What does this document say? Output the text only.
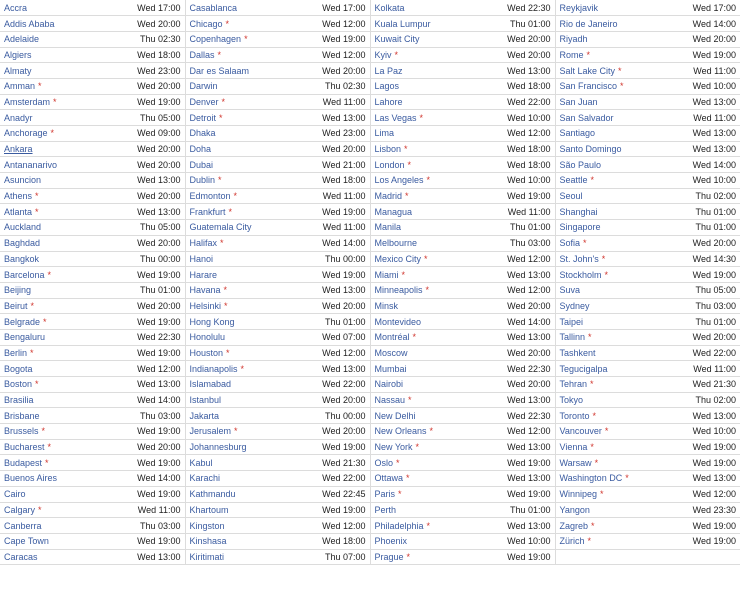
Accra	Wed 17:00	Casablanca	Wed 17:00	Kolkata	Wed 22:30	Reykjavik	Wed 17:00
Addis Ababa	Wed 20:00	Chicago *	Wed 12:00	Kuala Lumpur	Thu 01:00	Rio de Janeiro	Wed 14:00
Adelaide	Thu 02:30	Copenhagen *	Wed 19:00	Kuwait City	Wed 20:00	Riyadh	Wed 20:00
Algiers	Wed 18:00	Dallas *	Wed 12:00	Kyiv *	Wed 20:00	Rome *	Wed 19:00
Almaty	Wed 23:00	Dar es Salaam	Wed 20:00	La Paz	Wed 13:00	Salt Lake City *	Wed 11:00
Amman *	Wed 20:00	Darwin	Thu 02:30	Lagos	Wed 18:00	San Francisco *	Wed 10:00
Amsterdam *	Wed 19:00	Denver *	Wed 11:00	Lahore	Wed 22:00	San Juan	Wed 13:00
Anadyr	Thu 05:00	Detroit *	Wed 13:00	Las Vegas *	Wed 10:00	San Salvador	Wed 11:00
Anchorage *	Wed 09:00	Dhaka	Wed 23:00	Lima	Wed 12:00	Santiago	Wed 13:00
Ankara	Wed 20:00	Doha	Wed 20:00	Lisbon *	Wed 18:00	Santo Domingo	Wed 13:00
Antananarivo	Wed 20:00	Dubai	Wed 21:00	London *	Wed 18:00	São Paulo	Wed 14:00
Asuncion	Wed 13:00	Dublin *	Wed 18:00	Los Angeles *	Wed 10:00	Seattle *	Wed 10:00
Athens *	Wed 20:00	Edmonton *	Wed 11:00	Madrid *	Wed 19:00	Seoul	Thu 02:00
Atlanta *	Wed 13:00	Frankfurt *	Wed 19:00	Managua	Wed 11:00	Shanghai	Thu 01:00
Auckland	Thu 05:00	Guatemala City	Wed 11:00	Manila	Thu 01:00	Singapore	Thu 01:00
Baghdad	Wed 20:00	Halifax *	Wed 14:00	Melbourne	Thu 03:00	Sofia *	Wed 20:00
Bangkok	Thu 00:00	Hanoi	Thu 00:00	Mexico City *	Wed 12:00	St. John's *	Wed 14:30
Barcelona *	Wed 19:00	Harare	Wed 19:00	Miami *	Wed 13:00	Stockholm *	Wed 19:00
Beijing	Thu 01:00	Havana *	Wed 13:00	Minneapolis *	Wed 12:00	Suva	Thu 05:00
Beirut *	Wed 20:00	Helsinki *	Wed 20:00	Minsk	Wed 20:00	Sydney	Thu 03:00
Belgrade *	Wed 19:00	Hong Kong	Thu 01:00	Montevideo	Wed 14:00	Taipei	Thu 01:00
Bengaluru	Wed 22:30	Honolulu	Wed 07:00	Montréal *	Wed 13:00	Tallinn *	Wed 20:00
Berlin *	Wed 19:00	Houston *	Wed 12:00	Moscow	Wed 20:00	Tashkent	Wed 22:00
Bogota	Wed 12:00	Indianapolis *	Wed 13:00	Mumbai	Wed 22:30	Tegucigalpa	Wed 11:00
Boston *	Wed 13:00	Islamabad	Wed 22:00	Nairobi	Wed 20:00	Tehran *	Wed 21:30
Brasilia	Wed 14:00	Istanbul	Wed 20:00	Nassau *	Wed 13:00	Tokyo	Thu 02:00
Brisbane	Thu 03:00	Jakarta	Thu 00:00	New Delhi	Wed 22:30	Toronto *	Wed 13:00
Brussels *	Wed 19:00	Jerusalem *	Wed 20:00	New Orleans *	Wed 12:00	Vancouver *	Wed 10:00
Bucharest *	Wed 20:00	Johannesburg	Wed 19:00	New York *	Wed 13:00	Vienna *	Wed 19:00
Budapest *	Wed 19:00	Kabul	Wed 21:30	Oslo *	Wed 19:00	Warsaw *	Wed 19:00
Buenos Aires	Wed 14:00	Karachi	Wed 22:00	Ottawa *	Wed 13:00	Washington DC *	Wed 13:00
Cairo	Wed 19:00	Kathmandu	Wed 22:45	Paris *	Wed 19:00	Winnipeg *	Wed 12:00
Calgary *	Wed 11:00	Khartoum	Wed 19:00	Perth	Thu 01:00	Yangon	Wed 23:30
Canberra	Thu 03:00	Kingston	Wed 12:00	Philadelphia *	Wed 13:00	Zagreb *	Wed 19:00
Cape Town	Wed 19:00	Kinshasa	Wed 18:00	Phoenix	Wed 10:00	Zürich *	Wed 19:00
Caracas	Wed 13:00	Kiritimati	Thu 07:00	Prague *	Wed 19:00		
